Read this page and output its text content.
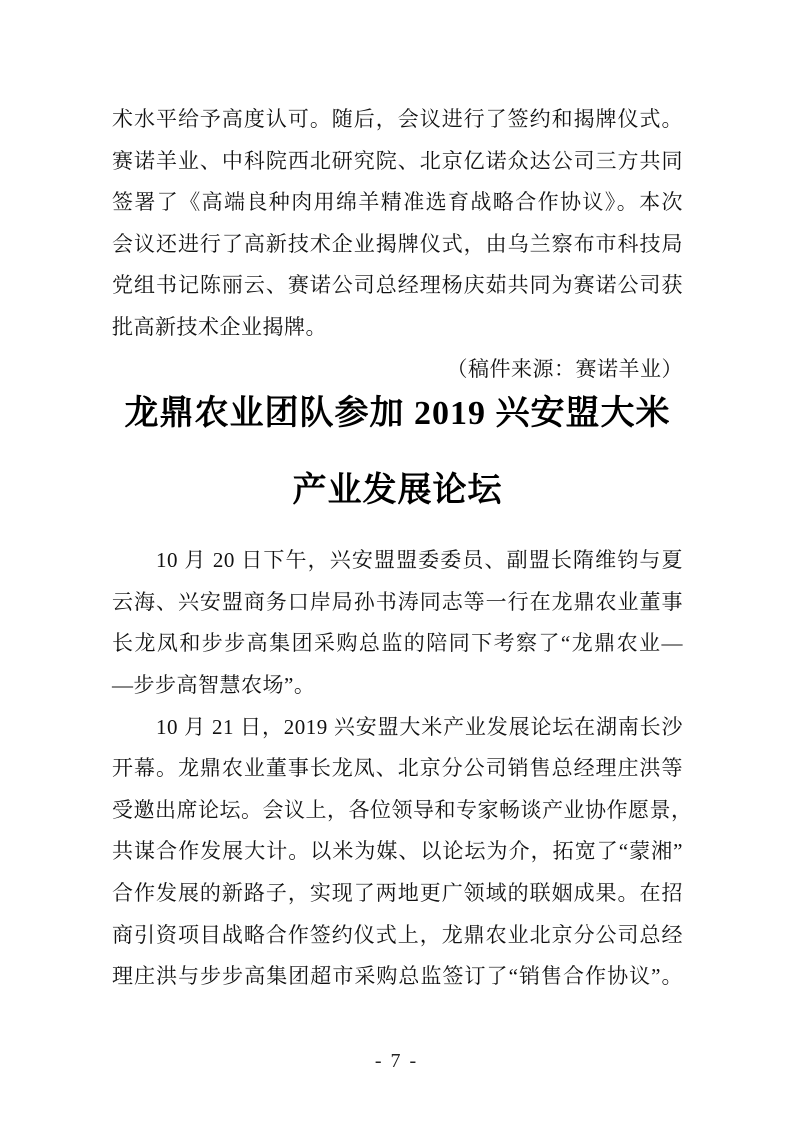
术水平给予高度认可。随后，会议进行了签约和揭牌仪式。
赛诺羊业、中科院西北研究院、北京亿诺众达公司三方共同
签署了《高端良种肉用绵羊精准选育战略合作协议》。本次
会议还进行了高新技术企业揭牌仪式，由乌兰察布市科技局
党组书记陈丽云、赛诺公司总经理杨庆茹共同为赛诺公司获
批高新技术企业揭牌。
（稿件来源：赛诺羊业）
龙鼎农业团队参加 2019 兴安盟大米
产业发展论坛
10 月 20 日下午，兴安盟盟委委员、副盟长隋维钧与夏
云海、兴安盟商务口岸局孙书涛同志等一行在龙鼎农业董事
长龙凤和步步高集团采购总监的陪同下考察了“龙鼎农业—
—步步高智慧农场”。
10 月 21 日，2019 兴安盟大米产业发展论坛在湖南长沙
开幕。龙鼎农业董事长龙凤、北京分公司销售总经理庄洪等
受邀出席论坛。会议上，各位领导和专家畅谈产业协作愿景，
共谋合作发展大计。以米为媒、以论坛为介，拓宽了“蒙湘”
合作发展的新路子，实现了两地更广领域的联姻成果。在招
商引资项目战略合作签约仪式上，龙鼎农业北京分公司总经
理庄洪与步步高集团超市采购总监签订了“销售合作协议”。
- 7 -
